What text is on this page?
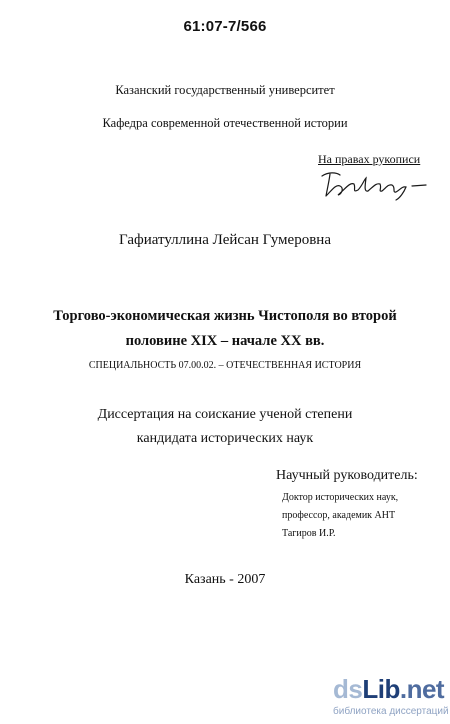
61:07-7/566
Казанский государственный университет
Кафедра современной отечественной истории
На правах рукописи
Гафиатуллина Лейсан Гумеровна
Торгово-экономическая жизнь Чистополя во второй
половине XIX – начале XX вв.
СПЕЦИАЛЬНОСТЬ 07.00.02. – ОТЕЧЕСТВЕННАЯ ИСТОРИЯ
Диссертация на соискание ученой степени
кандидата исторических наук
Научный руководитель:
Доктор исторических наук,
профессор, академик АНТ
Тагиров И.Р.
Казань - 2007
dsLib.net
библиотека диссертаций
